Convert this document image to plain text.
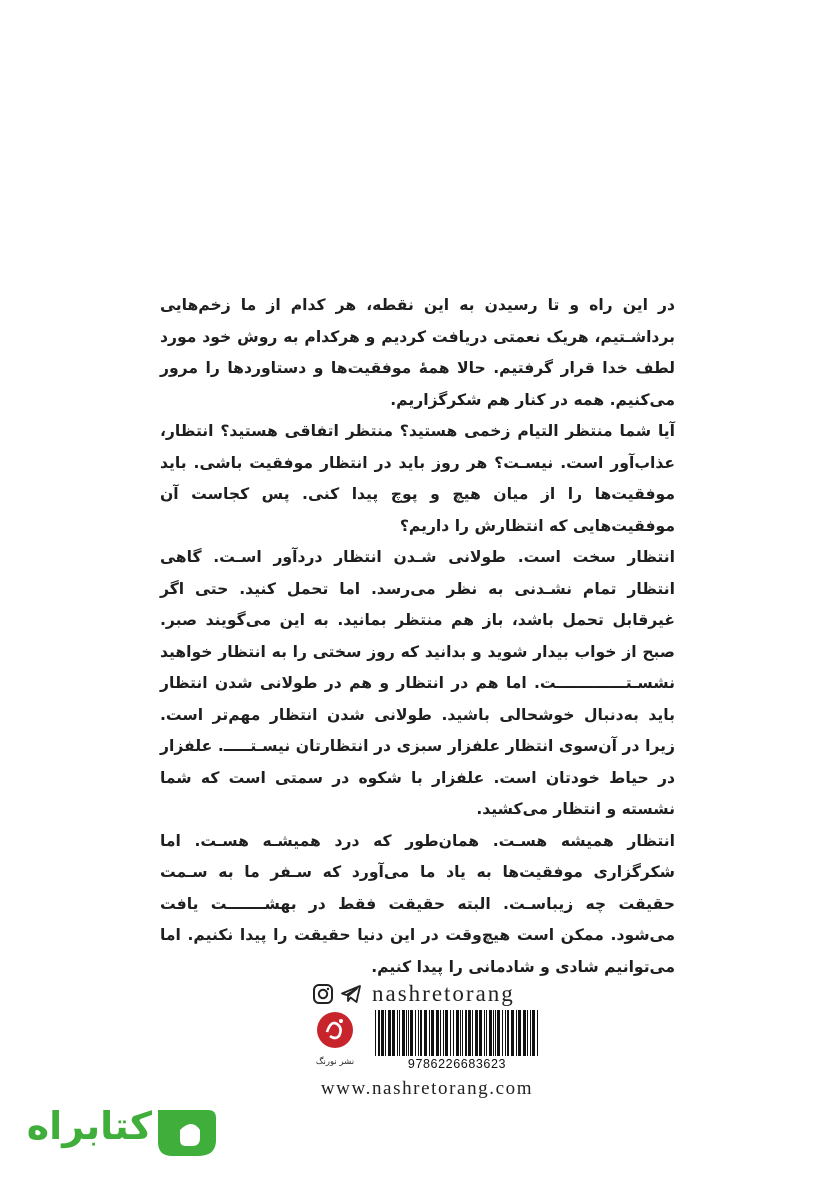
در این راه و تا رسیدن به این نقطه، هر کدام از ما زخم‌هایی برداشـتیم، هریک نعمتی دریافت کردیم و هرکدام به روش خود مورد لطف خدا قرار گرفتیم. حالا همهٔ موفقیت‌ها و دستاوردها را مرور می‌کنیم. همه در کنار هم شکرگزاریم.

آیا شما منتظر التیام زخمی هستید؟ منتظر اتفاقی هستید؟ انتظار، عذاب‌آور است. نیسـت؟ هر روز باید در انتظار موفقیت باشی. باید موفقیت‌ها را از میان هیچ و پوچ پیدا کنی. پس کجاست آن موفقیت‌هایی که انتظارش را داریم؟

انتظار سخت است. طولانی شـدن انتظار دردآور اسـت. گاهی انتظار تمام نشـدنی به نظر می‌رسد. اما تحمل کنید. حتی اگر غیرقابل تحمل باشد، باز هم منتظر بمانید. به این می‌گویند صبر. صبح از خواب بیدار شوید و بدانید که روز سختی را به انتظار خواهید نشسـتـــــــــــــت. اما هم در انتظار و هم در طولانی شدن انتظار باید به‌دنبال خوشحالی باشید. طولانی شدن انتظار مهم‌تر است. زیرا در آن‌سوی انتظار علفزار سبزی در انتظارتان نیسـتـــــ. علفزار در حیاط خودتان است. علفزار با شکوه در سمتی است که شما نشسته و انتظار می‌کشید.

انتظار همیشه هسـت. همان‌طور که درد همیشـه هسـت. اما شکرگزاری موفقیت‌ها به یاد ما می‌آورد که سـفر ما به سـمت حقیقت چه زیباسـت. البته حقیقت فقط در بهشـــــــت یافت می‌شود. ممکن است هیچ‌وقت در این دنیا حقیقت را پیدا نکنیم. اما می‌توانیم شادی و شادمانی را پیدا کنیم.

nashretorang
نشر نورنگ	9786226683623
www.nashretorang.com
کتابراه
